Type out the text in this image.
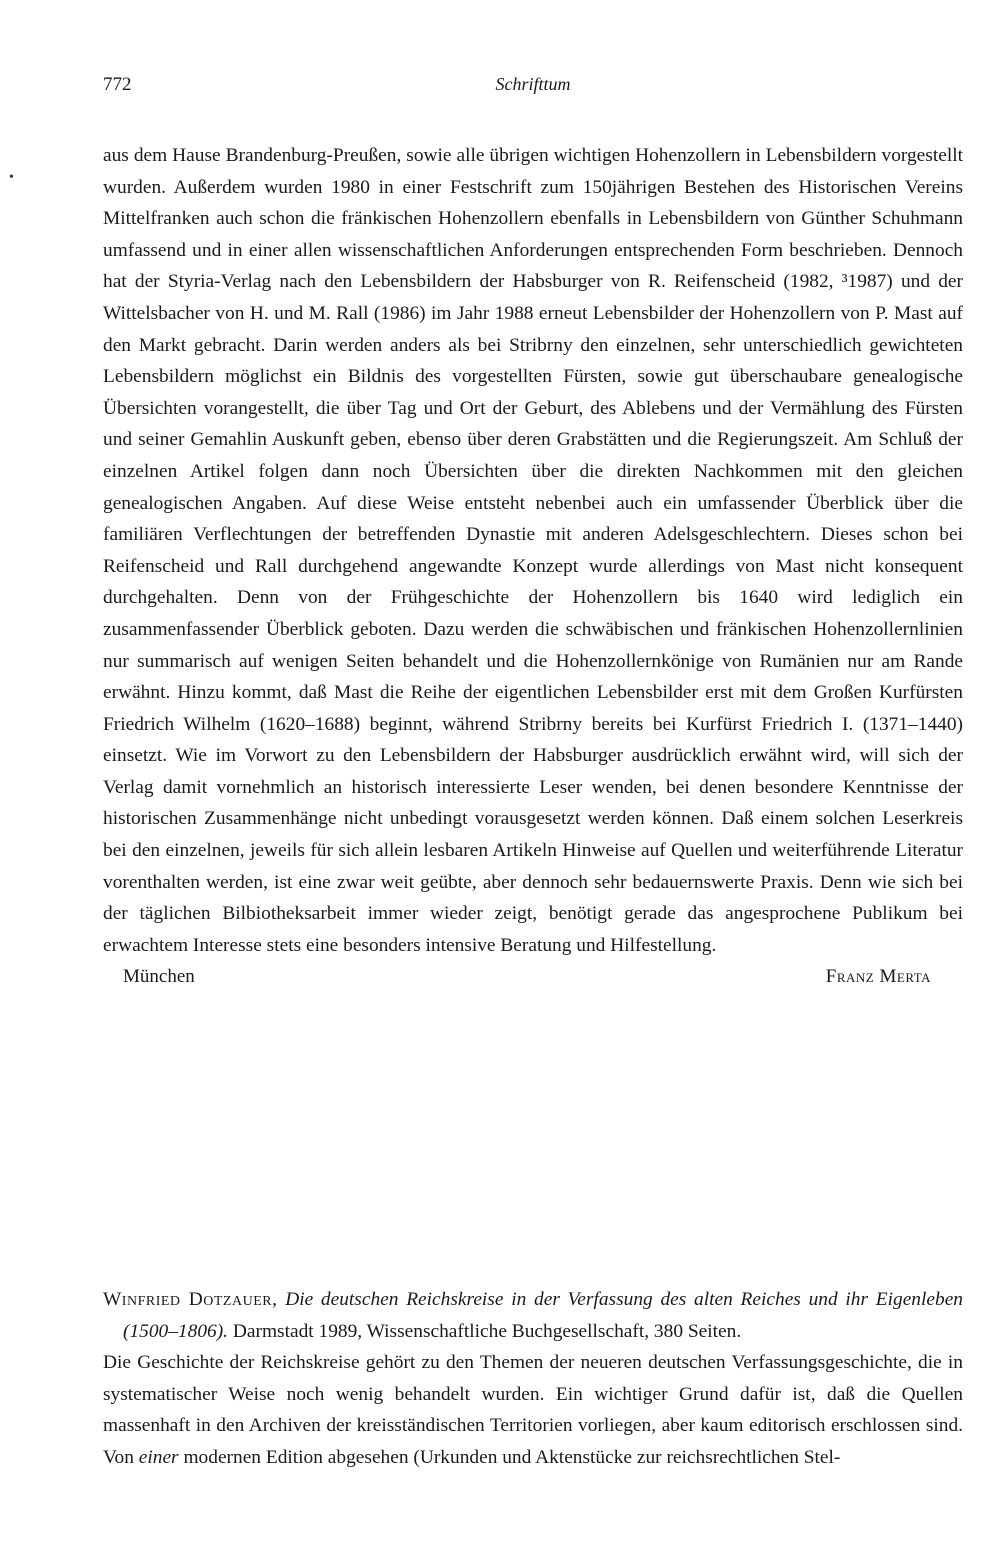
772	Schrifttum
•

aus dem Hause Brandenburg-Preußen, sowie alle übrigen wichtigen Hohenzollern in Lebensbildern vorgestellt wurden. Außerdem wurden 1980 in einer Festschrift zum 150jährigen Bestehen des Historischen Vereins Mittelfranken auch schon die fränkischen Hohenzollern ebenfalls in Lebensbildern von Günther Schuhmann umfassend und in einer allen wissenschaftlichen Anforderungen entsprechenden Form beschrieben. Dennoch hat der Styria-Verlag nach den Lebensbildern der Habsburger von R. Reifenscheid (1982, ³1987) und der Wittelsbacher von H. und M. Rall (1986) im Jahr 1988 erneut Lebensbilder der Hohenzollern von P. Mast auf den Markt gebracht. Darin werden anders als bei Stribrny den einzelnen, sehr unterschiedlich gewichteten Lebensbildern möglichst ein Bildnis des vorgestellten Fürsten, sowie gut überschaubare genealogische Übersichten vorangestellt, die über Tag und Ort der Geburt, des Ablebens und der Vermählung des Fürsten und seiner Gemahlin Auskunft geben, ebenso über deren Grabstätten und die Regierungszeit. Am Schluß der einzelnen Artikel folgen dann noch Übersichten über die direkten Nachkommen mit den gleichen genealogischen Angaben. Auf diese Weise entsteht nebenbei auch ein umfassender Überblick über die familiären Verflechtungen der betreffenden Dynastie mit anderen Adelsgeschlechtern. Dieses schon bei Reifenscheid und Rall durchgehend angewandte Konzept wurde allerdings von Mast nicht konsequent durchgehalten. Denn von der Frühgeschichte der Hohenzollern bis 1640 wird lediglich ein zusammenfassender Überblick geboten. Dazu werden die schwäbischen und fränkischen Hohenzollernlinien nur summarisch auf wenigen Seiten behandelt und die Hohenzollernkönige von Rumänien nur am Rande erwähnt. Hinzu kommt, daß Mast die Reihe der eigentlichen Lebensbilder erst mit dem Großen Kurfürsten Friedrich Wilhelm (1620–1688) beginnt, während Stribrny bereits bei Kurfürst Friedrich I. (1371–1440) einsetzt. Wie im Vorwort zu den Lebensbildern der Habsburger ausdrücklich erwähnt wird, will sich der Verlag damit vornehmlich an historisch interessierte Leser wenden, bei denen besondere Kenntnisse der historischen Zusammenhänge nicht unbedingt vorausgesetzt werden können. Daß einem solchen Leserkreis bei den einzelnen, jeweils für sich allein lesbaren Artikeln Hinweise auf Quellen und weiterführende Literatur vorenthalten werden, ist eine zwar weit geübte, aber dennoch sehr bedauernswerte Praxis. Denn wie sich bei der täglichen Bilbiotheksarbeit immer wieder zeigt, benötigt gerade das angesprochene Publikum bei erwachtem Interesse stets eine besonders intensive Beratung und Hilfestellung.

München	Franz Merta

Winfried Dotzauer, Die deutschen Reichskreise in der Verfassung des alten Reiches und ihr Eigenleben (1500–1806). Darmstadt 1989, Wissenschaftliche Buchgesellschaft, 380 Seiten.

Die Geschichte der Reichskreise gehört zu den Themen der neueren deutschen Verfassungsgeschichte, die in systematischer Weise noch wenig behandelt wurden. Ein wichtiger Grund dafür ist, daß die Quellen massenhaft in den Archiven der kreisständischen Territorien vorliegen, aber kaum editorisch erschlossen sind. Von einer modernen Edition abgesehen (Urkunden und Aktenstücke zur reichsrechtlichen Stel-
